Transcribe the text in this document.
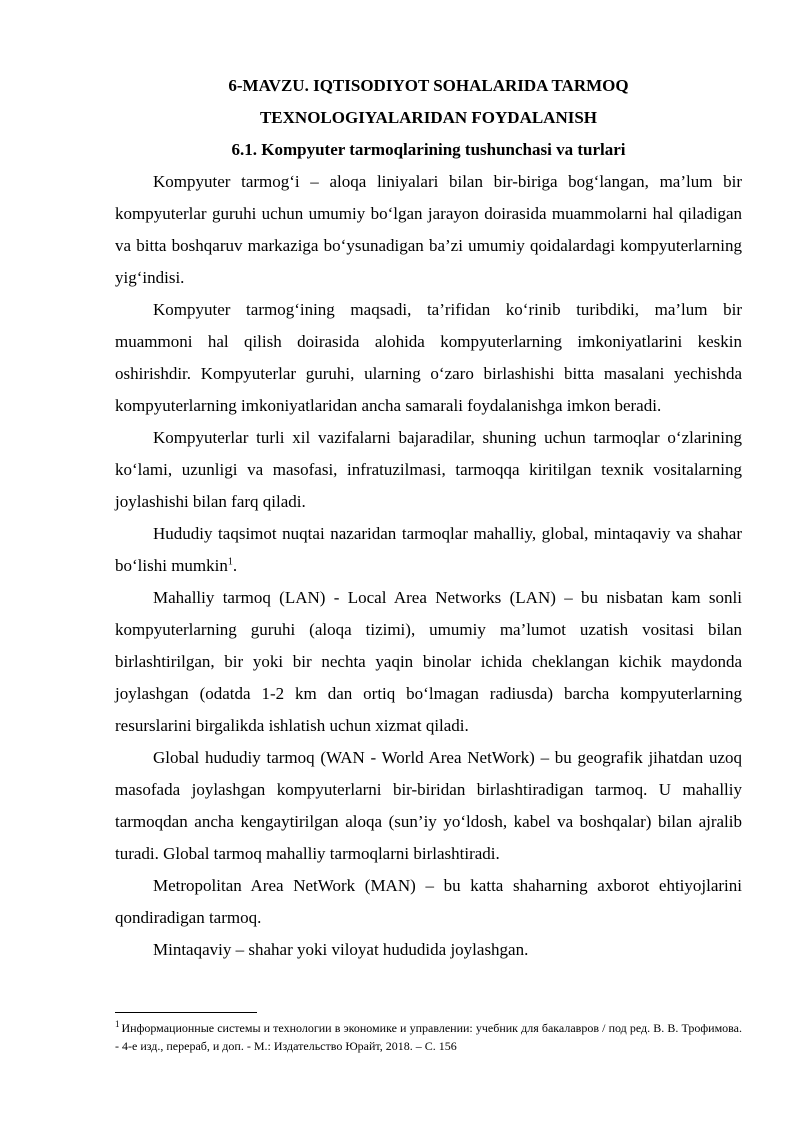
6-MAVZU. IQTISODIYOT SOHALARIDA TARMOQ

TEXNOLOGIYALARIDAN FOYDALANISH

6.1. Kompyuter tarmoqlarining tushunchasi va turlari

Kompyuter tarmog‘i – aloqa liniyalari bilan bir-biriga bog‘langan, ma’lum bir kompyuterlar guruhi uchun umumiy bo‘lgan jarayon doirasida muammolarni hal qiladigan va bitta boshqaruv markaziga bo‘ysunadigan ba’zi umumiy qoidalardagi kompyuterlarning yig‘indisi.

Kompyuter tarmog‘ining maqsadi, ta’rifidan ko‘rinib turibdiki, ma’lum bir muammoni hal qilish doirasida alohida kompyuterlarning imkoniyatlarini keskin oshirishdir. Kompyuterlar guruhi, ularning o‘zaro birlashishi bitta masalani yechishda kompyuterlarning imkoniyatlaridan ancha samarali foydalanishga imkon beradi.

Kompyuterlar turli xil vazifalarni bajaradilar, shuning uchun tarmoqlar o‘zlarining ko‘lami, uzunligi va masofasi, infratuzilmasi, tarmoqqa kiritilgan texnik vositalarning joylashishi bilan farq qiladi.

Hududiy taqsimot nuqtai nazaridan tarmoqlar mahalliy, global, mintaqaviy va shahar bo‘lishi mumkin$^1$.

Mahalliy tarmoq (LAN) - Local Area Networks (LAN) – bu nisbatan kam sonli kompyuterlarning guruhi (aloqa tizimi), umumiy ma’lumot uzatish vositasi bilan birlashtirilgan, bir yoki bir nechta yaqin binolar ichida cheklangan kichik maydonda joylashgan (odatda 1-2 km dan ortiq bo‘lmagan radiusda) barcha kompyuterlarning resurslarini birgalikda ishlatish uchun xizmat qiladi.

Global hududiy tarmoq (WAN - World Area NetWork) – bu geografik jihatdan uzoq masofada joylashgan kompyuterlarni bir-biridan birlashtiradigan tarmoq. U mahalliy tarmoqdan ancha kengaytirilgan aloqa (sun’iy yo‘ldosh, kabel va boshqalar) bilan ajralib turadi. Global tarmoq mahalliy tarmoqlarni birlashtiradi.

Metropolitan Area NetWork (MAN) – bu katta shaharning axborot ehtiyojlarini qondiradigan tarmoq.

Mintaqaviy – shahar yoki viloyat hududida joylashgan.

$^1$ Информационные системы и технологии в экономике и управлении: учебник для бакалавров / под ред. В. В. Трофимова. - 4-е изд., перераб, и доп. - М.: Издательство Юрайт, 2018. – С. 156
